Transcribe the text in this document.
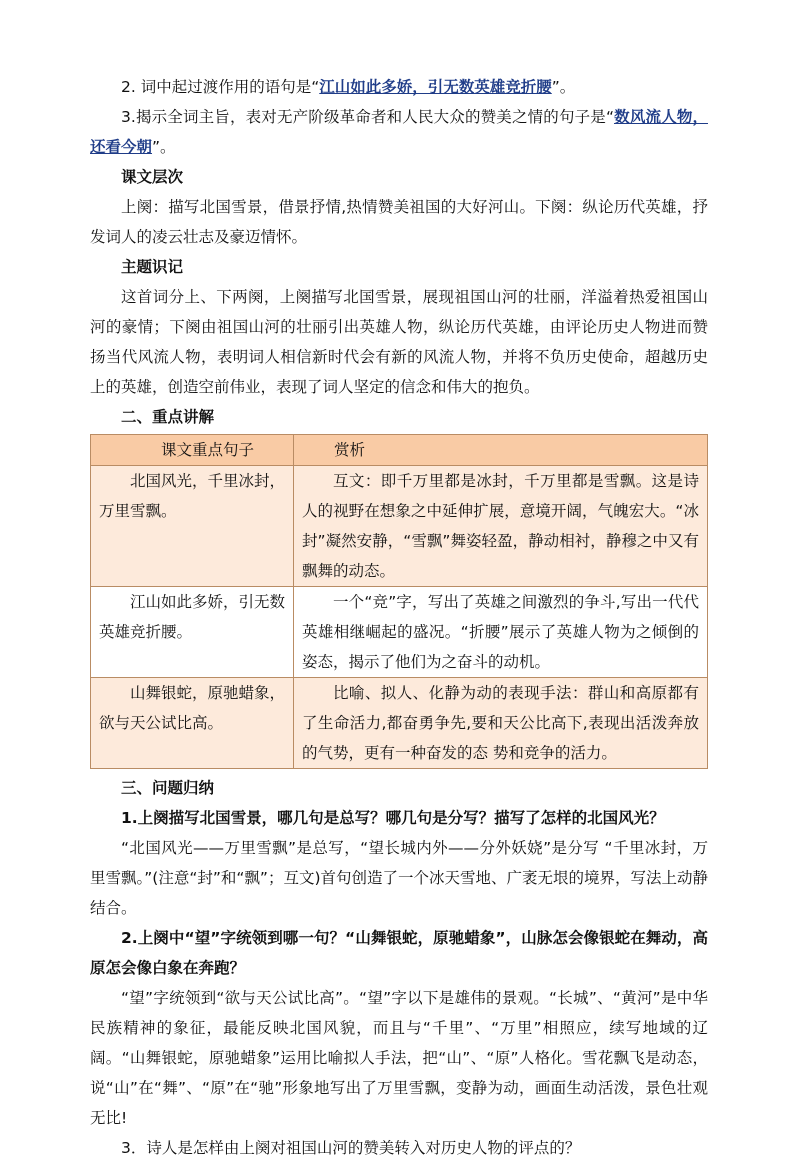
2. 词中起过渡作用的语句是“江山如此多娇，引无数英雄竞折腰”。

3.揭示全词主旨，表对无产阶级革命者和人民大众的赞美之情的句子是“数风流人物，还看今朝”。

课文层次

上阕：描写北国雪景，借景抒情,热情赞美祖国的大好河山。下阕：纵论历代英雄，抒发词人的凌云壮志及豪迈情怀。

主题识记

这首词分上、下两阕，上阕描写北国雪景，展现祖国山河的壮丽，洋溢着热爱祖国山河的豪情；下阕由祖国山河的壮丽引出英雄人物，纵论历代英雄，由评论历史人物进而赞扬当代风流人物，表明词人相信新时代会有新的风流人物，并将不负历史使命，超越历史上的英雄，创造空前伟业，表现了词人坚定的信念和伟大的抱负。

二、重点讲解

课文重点句子	赏析
北国风光，千里冰封，万里雪飘。	互文：即千万里都是冰封，千万里都是雪飘。这是诗人的视野在想象之中延伸扩展，意境开阔，气魄宏大。“冰封”凝然安静，“雪飘”舞姿轻盈，静动相衬，静穆之中又有飘舞的动态。
江山如此多娇，引无数英雄竞折腰。	一个“竞”字，写出了英雄之间激烈的争斗,写出一代代英雄相继崛起的盛况。“折腰”展示了英雄人物为之倾倒的姿态，揭示了他们为之奋斗的动机。
山舞银蛇，原驰蜡象，欲与天公试比高。	比喻、拟人、化静为动的表现手法：群山和高原都有了生命活力,都奋勇争先,要和天公比高下,表现出活泼奔放的气势，更有一种奋发的态 势和竞争的活力。

三、问题归纳

1.上阕描写北国雪景，哪几句是总写？哪几句是分写？描写了怎样的北国风光？

“北国风光——万里雪飘”是总写，“望长城内外——分外妖娆”是分写 “千里冰封，万里雪飘。”(注意“封”和“飘”；互文)首句创造了一个冰天雪地、广袤无垠的境界，写法上动静结合。

2.上阕中“望”字统领到哪一句？“山舞银蛇，原驰蜡象”，山脉怎会像银蛇在舞动，高原怎会像白象在奔跑？

“望”字统领到“欲与天公试比高”。“望”字以下是雄伟的景观。“长城”、“黄河”是中华民族精神的象征，最能反映北国风貌，而且与“千里”、“万里”相照应，续写地域的辽阔。“山舞银蛇，原驰蜡象”运用比喻拟人手法，把“山”、“原”人格化。雪花飘飞是动态，说“山”在“舞”、“原”在“驰”形象地写出了万里雪飘，变静为动，画面生动活泼，景色壮观无比!

3．诗人是怎样由上阕对祖国山河的赞美转入对历史人物的评点的？
